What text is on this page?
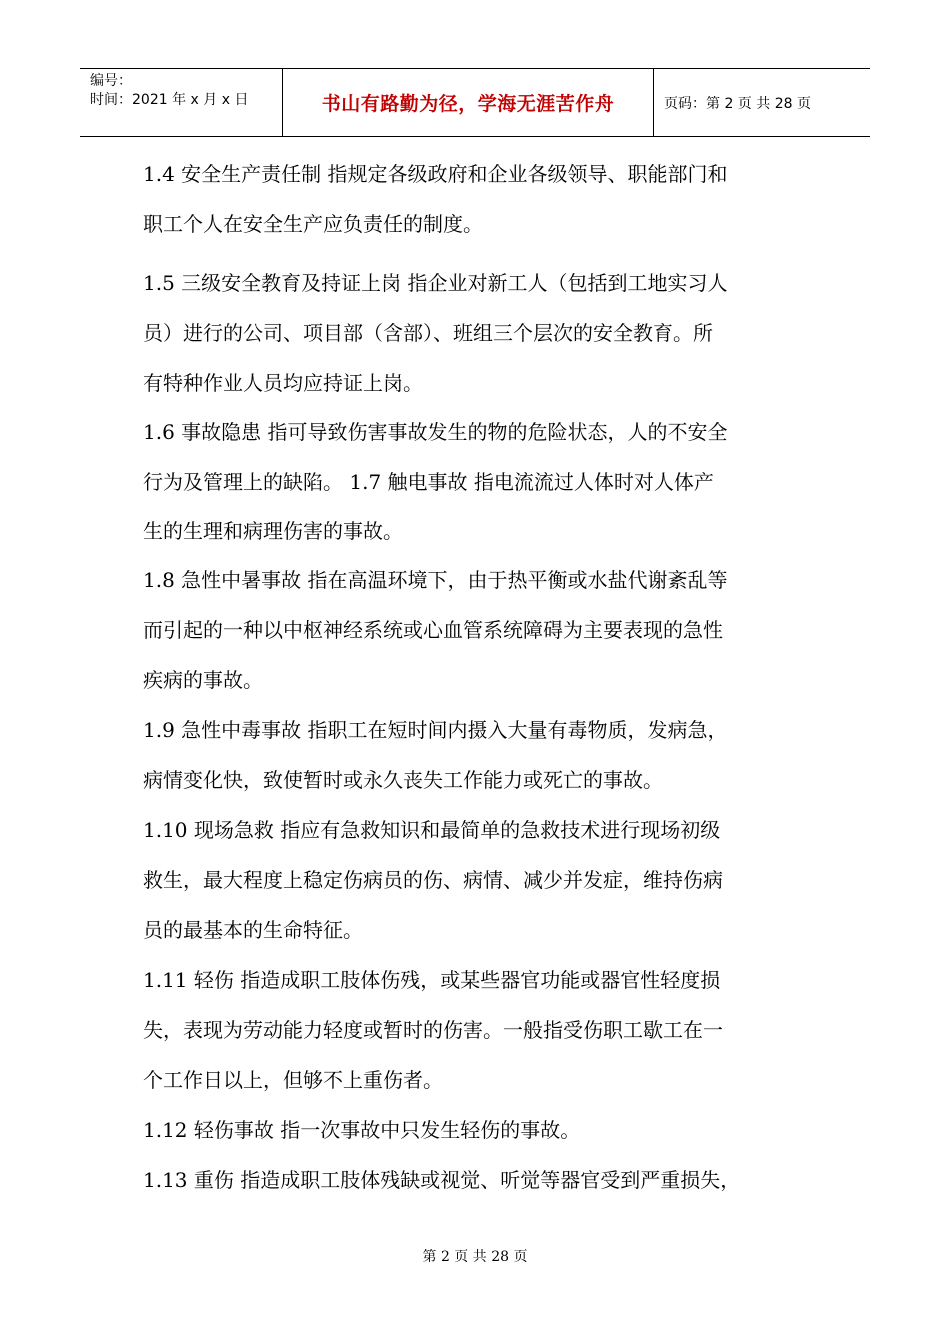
编号：
时间：2021 年 x 月 x 日	书山有路勤为径，学海无涯苦作舟	页码：第 2 页 共 28 页
1.4 安全生产责任制 指规定各级政府和企业各级领导、职能部门和
职工个人在安全生产应负责任的制度。
1.5 三级安全教育及持证上岗 指企业对新工人（包括到工地实习人
员）进行的公司、项目部（含部）、班组三个层次的安全教育。所
有特种作业人员均应持证上岗。
1.6 事故隐患 指可导致伤害事故发生的物的危险状态，人的不安全
行为及管理上的缺陷。 1.7 触电事故 指电流流过人体时对人体产
生的生理和病理伤害的事故。
1.8 急性中暑事故 指在高温环境下，由于热平衡或水盐代谢紊乱等
而引起的一种以中枢神经系统或心血管系统障碍为主要表现的急性
疾病的事故。
1.9 急性中毒事故 指职工在短时间内摄入大量有毒物质，发病急，
病情变化快，致使暂时或永久丧失工作能力或死亡的事故。
1.10 现场急救 指应有急救知识和最简单的急救技术进行现场初级
救生，最大程度上稳定伤病员的伤、病情、减少并发症，维持伤病
员的最基本的生命特征。
1.11 轻伤 指造成职工肢体伤残，或某些器官功能或器官性轻度损
失，表现为劳动能力轻度或暂时的伤害。一般指受伤职工歇工在一
个工作日以上，但够不上重伤者。
1.12 轻伤事故 指一次事故中只发生轻伤的事故。
1.13 重伤 指造成职工肢体残缺或视觉、听觉等器官受到严重损失，
第 2 页 共 28 页
